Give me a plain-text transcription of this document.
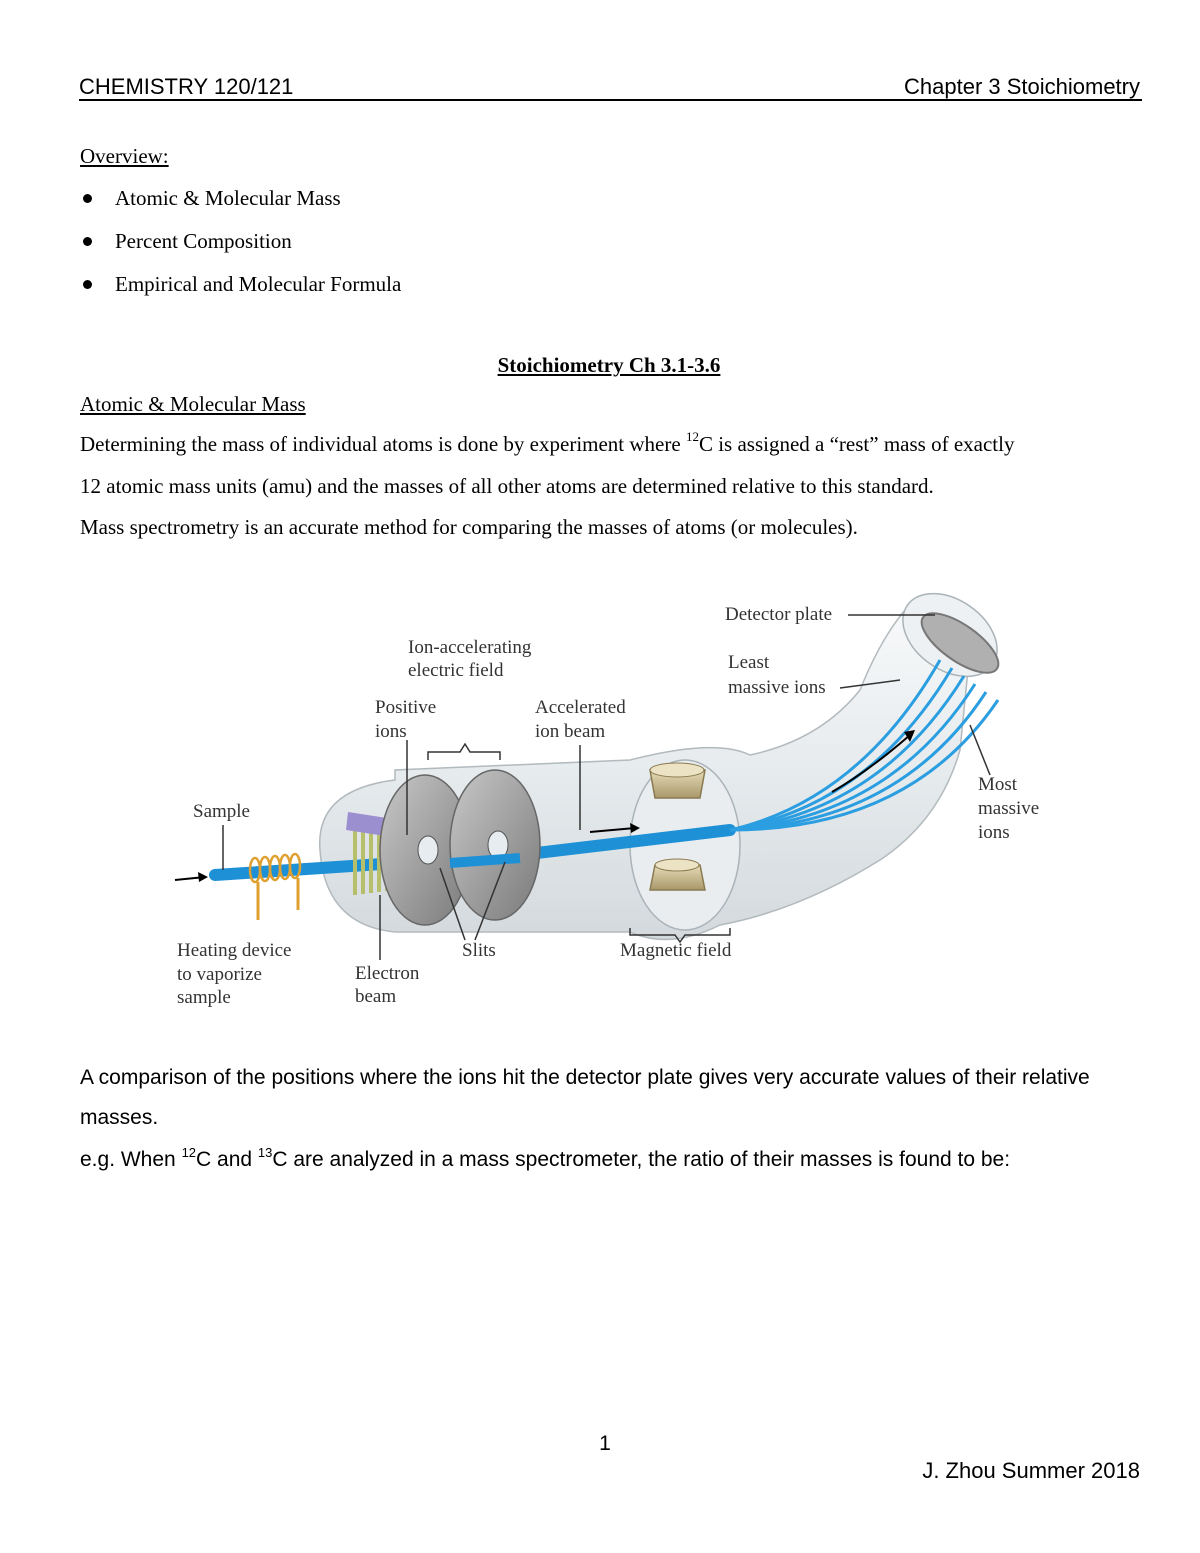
CHEMISTRY 120/121	Chapter 3 Stoichiometry
Overview:
Atomic & Molecular Mass
Percent Composition
Empirical and Molecular Formula
Stoichiometry Ch 3.1-3.6
Atomic & Molecular Mass
Determining the mass of individual atoms is done by experiment where $^{12}$C is assigned a “rest” mass of exactly
12 atomic mass units (amu) and the masses of all other atoms are determined relative to this standard.
Mass spectrometry is an accurate method for comparing the masses of atoms (or molecules).
Detector plate
Least
massive ions
Ion-accelerating
electric field
Positive
ions
Accelerated
ion beam
Sample
Most
massive
ions
Heating device
to vaporize
sample
Electron
beam
Slits	Magnetic field
A comparison of the positions where the ions hit the detector plate gives very accurate values of their relative
masses.
e.g. When $^{12}$C and $^{13}$C are analyzed in a mass spectrometer, the ratio of their masses is found to be:
1
J. Zhou Summer 2018
